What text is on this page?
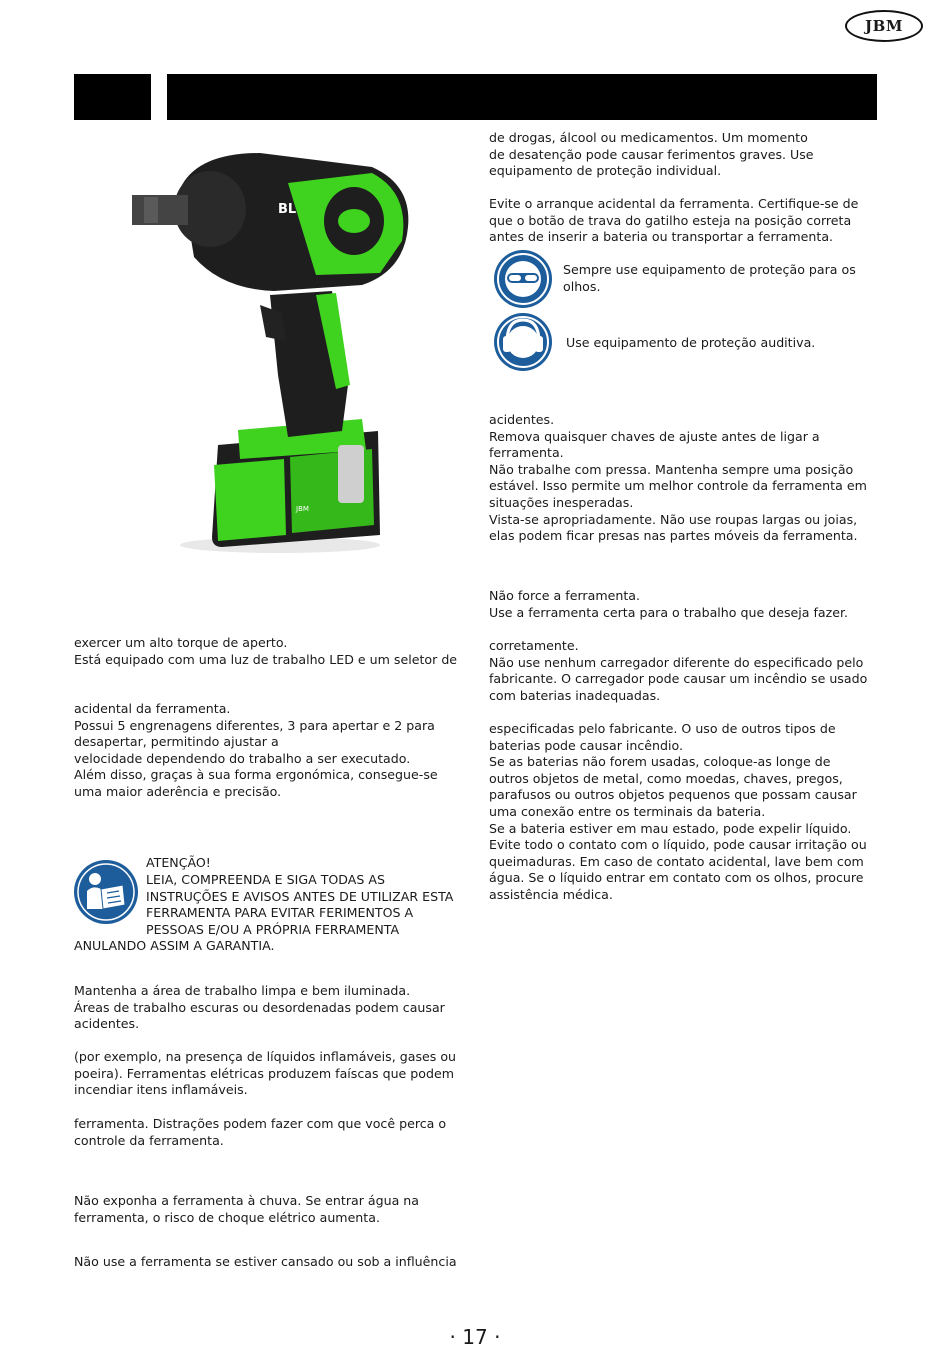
JBM
JBM
BL
de drogas, álcool ou medicamentos. Um momento
de desatenção pode causar ferimentos graves. Use
equipamento de proteção individual.
Evite o arranque acidental da ferramenta. Certifique-se de
que o botão de trava do gatilho esteja na posição correta
antes de inserir a bateria ou transportar a ferramenta.
Sempre use equipamento de proteção para os
olhos.
Use equipamento de proteção auditiva.
acidentes.
Remova quaisquer chaves de ajuste antes de ligar a
ferramenta.
Não trabalhe com pressa. Mantenha sempre uma posição
estável. Isso permite um melhor controle da ferramenta em
situações inesperadas.
Vista-se apropriadamente. Não use roupas largas ou joias,
elas podem ficar presas nas partes móveis da ferramenta.
Não force a ferramenta.
Use a ferramenta certa para o trabalho que deseja fazer.
corretamente.
Não use nenhum carregador diferente do especificado pelo
fabricante. O carregador pode causar um incêndio se usado
com baterias inadequadas.
especificadas pelo fabricante. O uso de outros tipos de
baterias pode causar incêndio.
Se as baterias não forem usadas, coloque-as longe de
outros objetos de metal, como moedas, chaves, pregos,
parafusos ou outros objetos pequenos que possam causar
uma conexão entre os terminais da bateria.
Se a bateria estiver em mau estado, pode expelir líquido.
Evite todo o contato com o líquido, pode causar irritação ou
queimaduras. Em caso de contato acidental, lave bem com
água. Se o líquido entrar em contato com os olhos, procure
assistência médica.
exercer um alto torque de aperto.
Está equipado com uma luz de trabalho LED e um seletor de
acidental da ferramenta.
Possui 5 engrenagens diferentes, 3 para apertar e 2 para
desapertar, permitindo ajustar a
velocidade dependendo do trabalho a ser executado.
Além disso, graças à sua forma ergonómica, consegue-se
uma maior aderência e precisão.
ATENÇÃO!
LEIA, COMPREENDA E SIGA TODAS AS
INSTRUÇÕES E AVISOS ANTES DE UTILIZAR ESTA
FERRAMENTA PARA EVITAR FERIMENTOS A
PESSOAS E/OU A PRÓPRIA FERRAMENTA
ANULANDO ASSIM A GARANTIA.
Mantenha a área de trabalho limpa e bem iluminada.
Áreas de trabalho escuras ou desordenadas podem causar
acidentes.
(por exemplo, na presença de líquidos inflamáveis, gases ou
poeira). Ferramentas elétricas produzem faíscas que podem
incendiar itens inflamáveis.
ferramenta. Distrações podem fazer com que você perca o
controle da ferramenta.
Não exponha a ferramenta à chuva. Se entrar água na
ferramenta, o risco de choque elétrico aumenta.
Não use a ferramenta se estiver cansado ou sob a influência
· 17 ·
